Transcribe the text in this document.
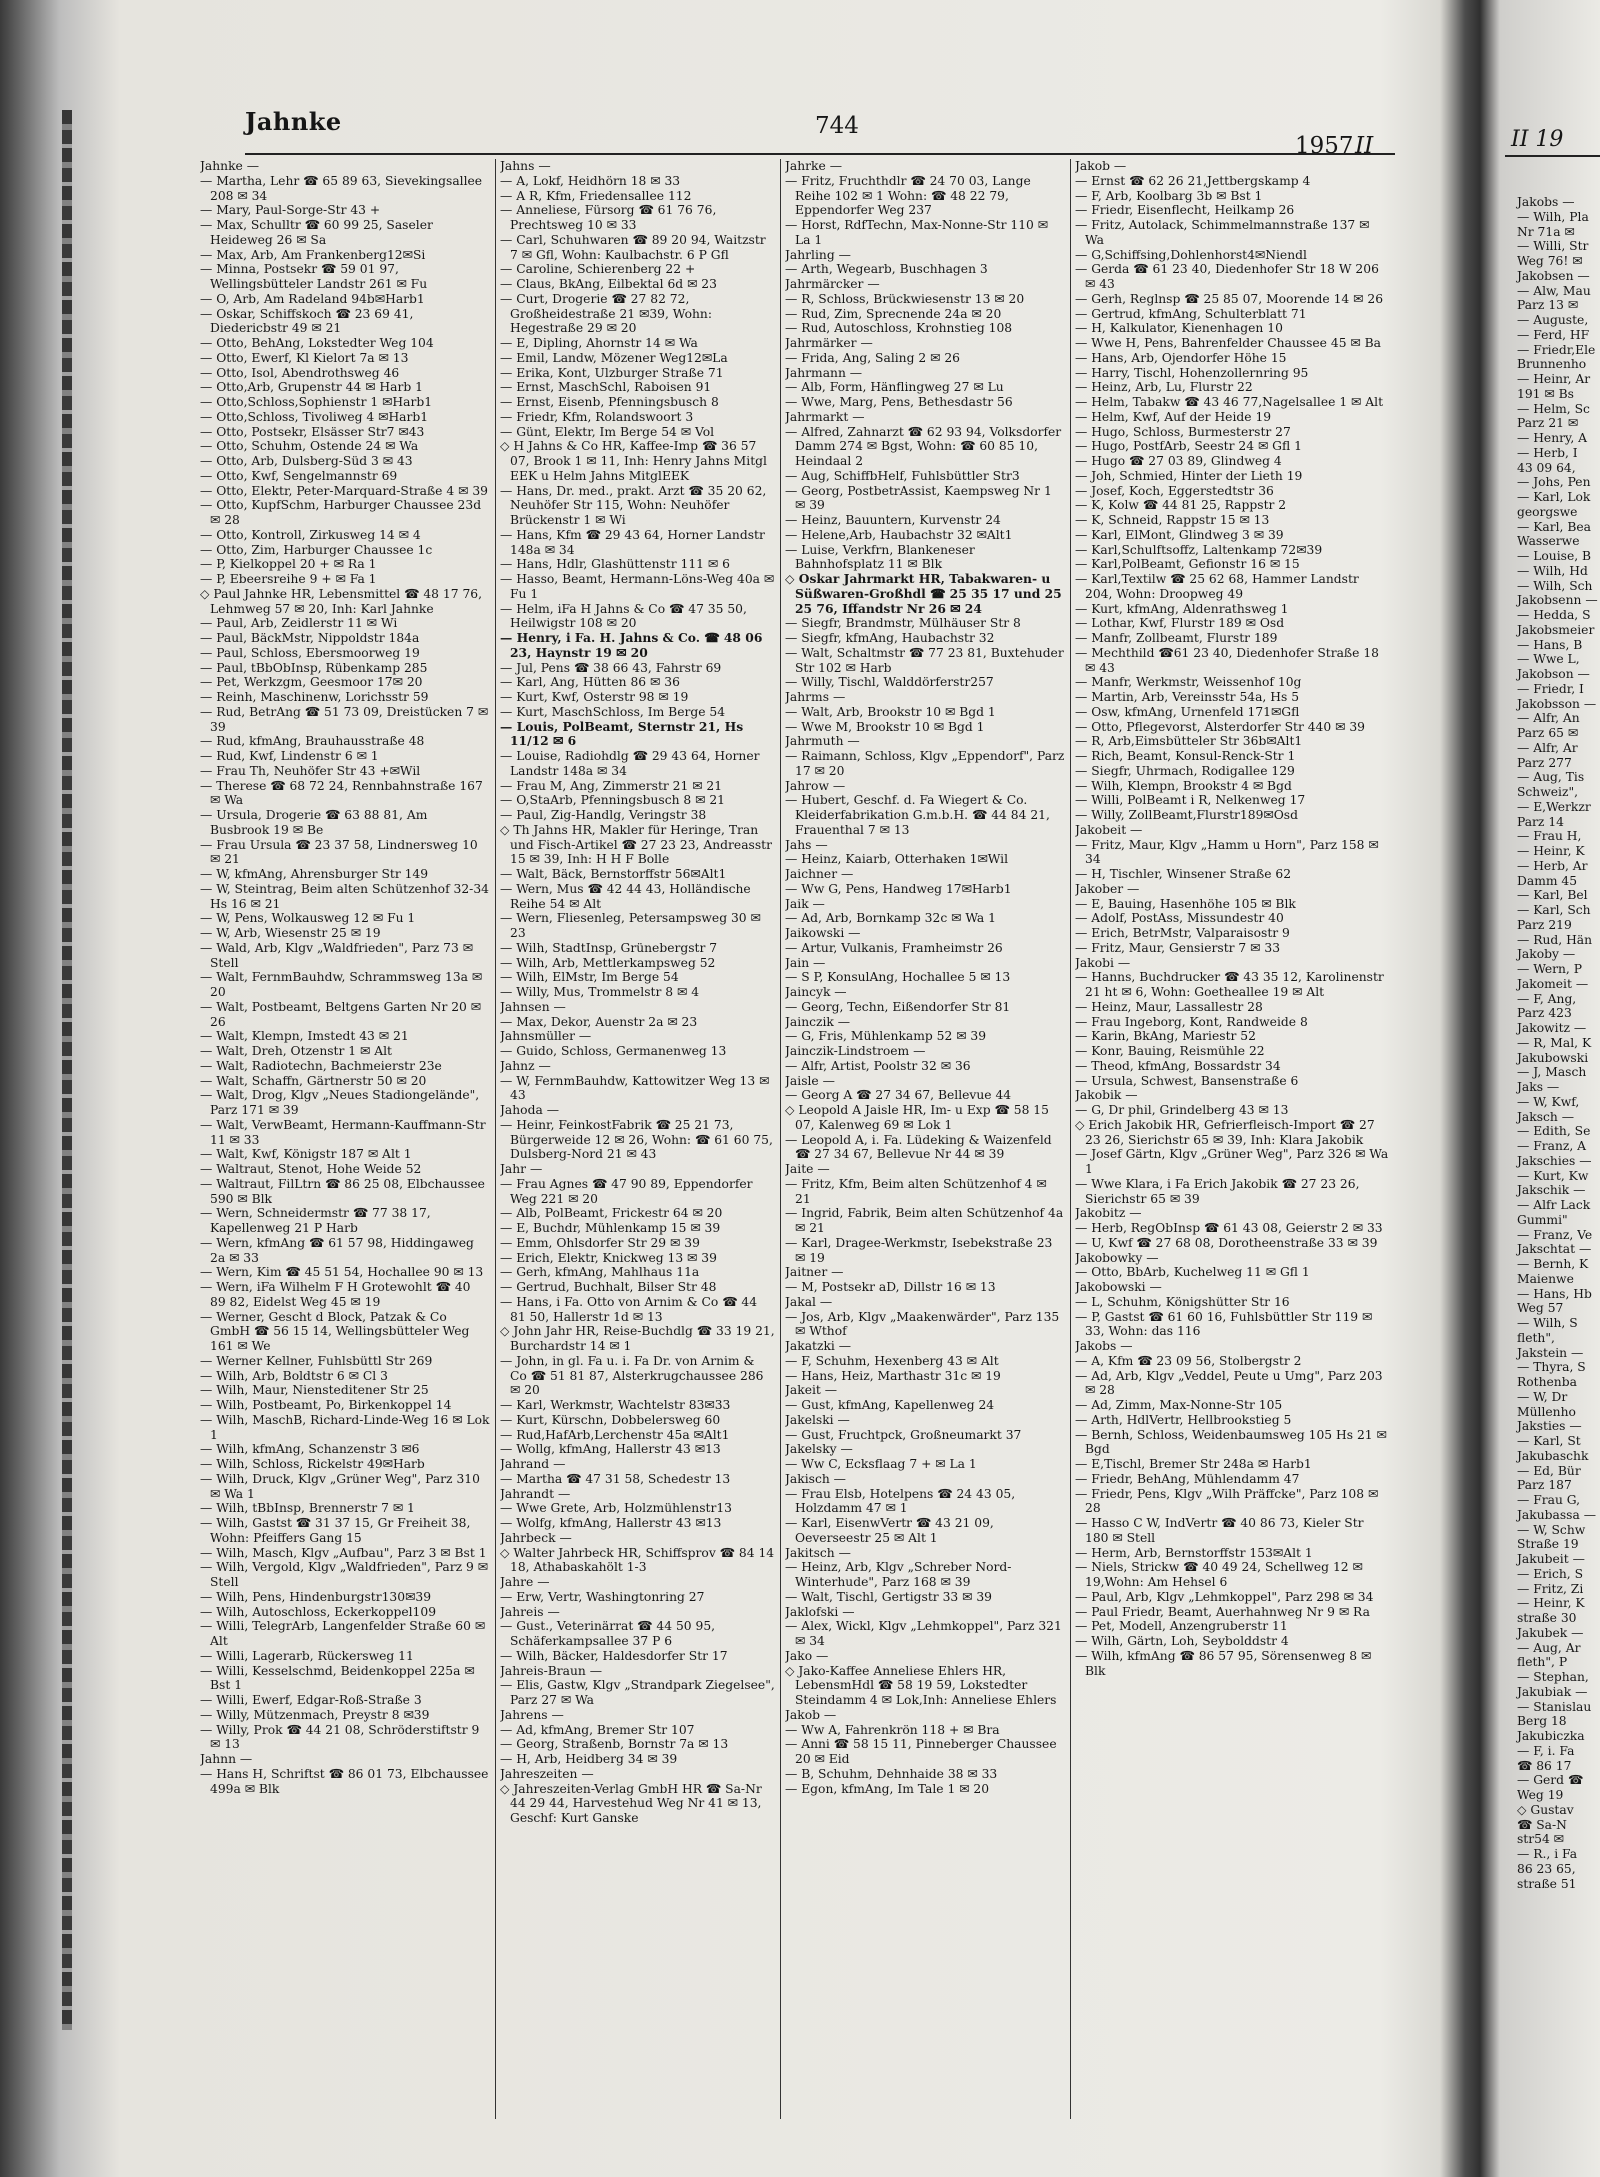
Jahnke	744
1957 II

Jahnke —

— Martha, Lehr ☎ 65 89 63, Sievekingsallee 208 ✉ 34

— Mary, Paul-Sorge-Str 43 +

— Max, Schulltr ☎ 60 99 25, Saseler Heideweg 26 ✉ Sa

— Max, Arb, Am Frankenberg12✉Si

— Minna, Postsekr ☎ 59 01 97, Wellingsbütteler Landstr 261 ✉ Fu

— O, Arb, Am Radeland 94b✉Harb1

— Oskar, Schiffskoch ☎ 23 69 41, Diedericbstr 49 ✉ 21

— Otto, BehAng, Lokstedter Weg 104

— Otto, Ewerf, Kl Kielort 7a ✉ 13

— Otto, Isol, Abendrothsweg 46

— Otto,Arb, Grupenstr 44 ✉ Harb 1

— Otto,Schloss,Sophienstr 1 ✉Harb1

— Otto,Schloss, Tivoliweg 4 ✉Harb1

— Otto, Postsekr, Elsässer Str7 ✉43

— Otto, Schuhm, Ostende 24 ✉ Wa

— Otto, Arb, Dulsberg-Süd 3 ✉ 43

— Otto, Kwf, Sengelmannstr 69

— Otto, Elektr, Peter-Marquard-Straße 4 ✉ 39

— Otto, KupfSchm, Harburger Chaussee 23d ✉ 28

— Otto, Kontroll, Zirkusweg 14 ✉ 4

— Otto, Zim, Harburger Chaussee 1c

— P, Kielkoppel 20 + ✉ Ra 1

— P, Ebeersreihe 9 + ✉ Fa 1

◇ Paul Jahnke HR, Lebensmittel ☎ 48 17 76, Lehmweg 57 ✉ 20, Inh: Karl Jahnke

— Paul, Arb, Zeidlerstr 11 ✉ Wi

— Paul, BäckMstr, Nippoldstr 184a

— Paul, Schloss, Ebersmoorweg 19

— Paul, tBbObInsp, Rübenkamp 285

— Pet, Werkzgm, Geesmoor 17✉ 20

— Reinh, Maschinenw, Lorichsstr 59

— Rud, BetrAng ☎ 51 73 09, Dreistücken 7 ✉ 39

— Rud, kfmAng, Brauhausstraße 48

— Rud, Kwf, Lindenstr 6 ✉ 1

— Frau Th, Neuhöfer Str 43 +✉Wil

— Therese ☎ 68 72 24, Rennbahnstraße 167 ✉ Wa

— Ursula, Drogerie ☎ 63 88 81, Am Busbrook 19 ✉ Be

— Frau Ursula ☎ 23 37 58, Lindnersweg 10 ✉ 21

— W, kfmAng, Ahrensburger Str 149

— W, Steintrag, Beim alten Schützenhof 32-34 Hs 16 ✉ 21

— W, Pens, Wolkausweg 12 ✉ Fu 1

— W, Arb, Wiesenstr 25 ✉ 19

— Wald, Arb, Klgv „Waldfrieden", Parz 73 ✉ Stell

— Walt, FernmBauhdw, Schrammsweg 13a ✉ 20

— Walt, Postbeamt, Beltgens Garten Nr 20 ✉ 26

— Walt, Klempn, Imstedt 43 ✉ 21

— Walt, Dreh, Otzenstr 1 ✉ Alt

— Walt, Radiotechn, Bachmeierstr 23e

— Walt, Schaffn, Gärtnerstr 50 ✉ 20

— Walt, Drog, Klgv „Neues Stadiongelände", Parz 171 ✉ 39

— Walt, VerwBeamt, Hermann-Kauffmann-Str 11 ✉ 33

— Walt, Kwf, Königstr 187 ✉ Alt 1

— Waltraut, Stenot, Hohe Weide 52

— Waltraut, FilLtrn ☎ 86 25 08, Elbchaussee 590 ✉ Blk

— Wern, Schneidermstr ☎ 77 38 17, Kapellenweg 21 P Harb

— Wern, kfmAng ☎ 61 57 98, Hiddingaweg 2a ✉ 33

— Wern, Kim ☎ 45 51 54, Hochallee 90 ✉ 13

— Wern, iFa Wilhelm F H Grotewohlt ☎ 40 89 82, Eidelst Weg 45 ✉ 19

— Werner, Gescht d Block, Patzak & Co GmbH ☎ 56 15 14, Wellingsbütteler Weg 161 ✉ We

— Werner Kellner, Fuhlsbüttl Str 269

— Wilh, Arb, Boldtstr 6 ✉ Cl 3

— Wilh, Maur, Niensteditener Str 25

— Wilh, Postbeamt, Po, Birkenkoppel 14

— Wilh, MaschB, Richard-Linde-Weg 16 ✉ Lok 1

— Wilh, kfmAng, Schanzenstr 3 ✉6

— Wilh, Schloss, Rickelstr 49✉Harb

— Wilh, Druck, Klgv „Grüner Weg", Parz 310 ✉ Wa 1

— Wilh, tBbInsp, Brennerstr 7 ✉ 1

— Wilh, Gastst ☎ 31 37 15, Gr Freiheit 38, Wohn: Pfeiffers Gang 15

— Wilh, Masch, Klgv „Aufbau", Parz 3 ✉ Bst 1

— Wilh, Vergold, Klgv „Waldfrieden", Parz 9 ✉ Stell

— Wilh, Pens, Hindenburgstr130✉39

— Wilh, Autoschloss, Eckerkoppel109

— Willi, TelegrArb, Langenfelder Straße 60 ✉ Alt

— Willi, Lagerarb, Rückersweg 11

— Willi, Kesselschmd, Beidenkoppel 225a ✉ Bst 1

— Willi, Ewerf, Edgar-Roß-Straße 3

— Willy, Mützenmach, Preystr 8 ✉39

— Willy, Prok ☎ 44 21 08, Schröderstiftstr 9 ✉ 13

Jahnn —

— Hans H, Schriftst ☎ 86 01 73, Elbchaussee 499a ✉ Blk

Jahns —

— A, Lokf, Heidhörn 18 ✉ 33

— A R, Kfm, Friedensallee 112

— Anneliese, Fürsorg ☎ 61 76 76, Prechtsweg 10 ✉ 33

— Carl, Schuhwaren ☎ 89 20 94, Waitzstr 7 ✉ Gfl, Wohn: Kaulbachstr. 6 P Gfl

— Caroline, Schierenberg 22 +

— Claus, BkAng, Eilbektal 6d ✉ 23

— Curt, Drogerie ☎ 27 82 72, Großheidestraße 21 ✉39, Wohn: Hegestraße 29 ✉ 20

— E, Dipling, Ahornstr 14 ✉ Wa

— Emil, Landw, Mözener Weg12✉La

— Erika, Kont, Ulzburger Straße 71

— Ernst, MaschSchl, Raboisen 91

— Ernst, Eisenb, Pfenningsbusch 8

— Friedr, Kfm, Rolandswoort 3

— Günt, Elektr, Im Berge 54 ✉ Vol

◇ H Jahns & Co HR, Kaffee-Imp ☎ 36 57 07, Brook 1 ✉ 11, Inh: Henry Jahns Mitgl EEK u Helm Jahns MitglEEK

— Hans, Dr. med., prakt. Arzt ☎ 35 20 62, Neuhöfer Str 115, Wohn: Neuhöfer Brückenstr 1 ✉ Wi

— Hans, Kfm ☎ 29 43 64, Horner Landstr 148a ✉ 34

— Hans, Hdlr, Glashüttenstr 111 ✉ 6

— Hasso, Beamt, Hermann-Löns-Weg 40a ✉ Fu 1

— Helm, iFa H Jahns & Co ☎ 47 35 50, Heilwigstr 108 ✉ 20

— Henry, i Fa. H. Jahns & Co. ☎ 48 06 23, Haynstr 19 ✉ 20

— Jul, Pens ☎ 38 66 43, Fahrstr 69

— Karl, Ang, Hütten 86 ✉ 36

— Kurt, Kwf, Osterstr 98 ✉ 19

— Kurt, MaschSchloss, Im Berge 54

— Louis, PolBeamt, Sternstr 21, Hs 11/12 ✉ 6

— Louise, Radiohdlg ☎ 29 43 64, Horner Landstr 148a ✉ 34

— Frau M, Ang, Zimmerstr 21 ✉ 21

— O,StaArb, Pfenningsbusch 8 ✉ 21

— Paul, Zig-Handlg, Veringstr 38

◇ Th Jahns HR, Makler für Heringe, Tran und Fisch-Artikel ☎ 27 23 23, Andreasstr 15 ✉ 39, Inh: H H F Bolle

— Walt, Bäck, Bernstorffstr 56✉Alt1

— Wern, Mus ☎ 42 44 43, Holländische Reihe 54 ✉ Alt

— Wern, Fliesenleg, Petersampsweg 30 ✉ 23

— Wilh, StadtInsp, Grünebergstr 7

— Wilh, Arb, Mettlerkampsweg 52

— Wilh, ElMstr, Im Berge 54

— Willy, Mus, Trommelstr 8 ✉ 4

Jahnsen —

— Max, Dekor, Auenstr 2a ✉ 23

Jahnsmüller —

— Guido, Schloss, Germanenweg 13

Jahnz —

— W, FernmBauhdw, Kattowitzer Weg 13 ✉ 43

Jahoda —

— Heinr, FeinkostFabrik ☎ 25 21 73, Bürgerweide 12 ✉ 26, Wohn: ☎ 61 60 75, Dulsberg-Nord 21 ✉ 43

Jahr —

— Frau Agnes ☎ 47 90 89, Eppendorfer Weg 221 ✉ 20

— Alb, PolBeamt, Frickestr 64 ✉ 20

— E, Buchdr, Mühlenkamp 15 ✉ 39

— Emm, Ohlsdorfer Str 29 ✉ 39

— Erich, Elektr, Knickweg 13 ✉ 39

— Gerh, kfmAng, Mahlhaus 11a

— Gertrud, Buchhalt, Bilser Str 48

— Hans, i Fa. Otto von Arnim & Co ☎ 44 81 50, Hallerstr 1d ✉ 13

◇ John Jahr HR, Reise-Buchdlg ☎ 33 19 21, Burchardstr 14 ✉ 1

— John, in gl. Fa u. i. Fa Dr. von Arnim & Co ☎ 51 81 87, Alsterkrugchaussee 286 ✉ 20

— Karl, Werkmstr, Wachtelstr 83✉33

— Kurt, Kürschn, Dobbelersweg 60

— Rud,HafArb,Lerchenstr 45a ✉Alt1

— Wollg, kfmAng, Hallerstr 43 ✉13

Jahrand —

— Martha ☎ 47 31 58, Schedestr 13

Jahrandt —

— Wwe Grete, Arb, Holzmühlenstr13

— Wolfg, kfmAng, Hallerstr 43 ✉13

Jahrbeck —

◇ Walter Jahrbeck HR, Schiffsprov ☎ 84 14 18, Athabaskahölt 1-3

Jahre —

— Erw, Vertr, Washingtonring 27

Jahreis —

— Gust., Veterinärrat ☎ 44 50 95, Schäferkampsallee 37 P 6

— Wilh, Bäcker, Haldesdorfer Str 17

Jahreis-Braun —

— Elis, Gastw, Klgv „Strandpark Ziegelsee", Parz 27 ✉ Wa

Jahrens —

— Ad, kfmAng, Bremer Str 107

— Georg, Straßenb, Bornstr 7a ✉ 13

— H, Arb, Heidberg 34 ✉ 39

Jahreszeiten —

◇ Jahreszeiten-Verlag GmbH HR ☎ Sa-Nr 44 29 44, Harvestehud Weg Nr 41 ✉ 13, Geschf: Kurt Ganske

Jahrke —

— Fritz, Fruchthdlr ☎ 24 70 03, Lange Reihe 102 ✉ 1 Wohn: ☎ 48 22 79, Eppendorfer Weg 237

— Horst, RdfTechn, Max-Nonne-Str 110 ✉ La 1

Jahrling —

— Arth, Wegearb, Buschhagen 3

Jahrmärcker —

— R, Schloss, Brückwiesenstr 13 ✉ 20

— Rud, Zim, Sprecnende 24a ✉ 20

— Rud, Autoschloss, Krohnstieg 108

Jahrmärker —

— Frida, Ang, Saling 2 ✉ 26

Jahrmann —

— Alb, Form, Hänflingweg 27 ✉ Lu

— Wwe, Marg, Pens, Bethesdastr 56

Jahrmarkt —

— Alfred, Zahnarzt ☎ 62 93 94, Volksdorfer Damm 274 ✉ Bgst, Wohn: ☎ 60 85 10, Heindaal 2

— Aug, SchiffbHelf, Fuhlsbüttler Str3

— Georg, PostbetrAssist, Kaempsweg Nr 1 ✉ 39

— Heinz, Bauuntern, Kurvenstr 24

— Helene,Arb, Haubachstr 32 ✉Alt1

— Luise, Verkfrn, Blankeneser Bahnhofsplatz 11 ✉ Blk

◇ Oskar Jahrmarkt HR, Tabakwaren- u Süßwaren-Großhdl ☎ 25 35 17 und 25 25 76, Iffandstr Nr 26 ✉ 24

— Siegfr, Brandmstr, Mülhäuser Str 8

— Siegfr, kfmAng, Haubachstr 32

— Walt, Schaltmstr ☎ 77 23 81, Buxtehuder Str 102 ✉ Harb

— Willy, Tischl, Walddörferstr257

Jahrms —

— Walt, Arb, Brookstr 10 ✉ Bgd 1

— Wwe M, Brookstr 10 ✉ Bgd 1

Jahrmuth —

— Raimann, Schloss, Klgv „Eppendorf", Parz 17 ✉ 20

Jahrow —

— Hubert, Geschf. d. Fa Wiegert & Co. Kleiderfabrikation G.m.b.H. ☎ 44 84 21, Frauenthal 7 ✉ 13

Jahs —

— Heinz, Kaiarb, Otterhaken 1✉Wil

Jaichner —

— Ww G, Pens, Handweg 17✉Harb1

Jaik —

— Ad, Arb, Bornkamp 32c ✉ Wa 1

Jaikowski —

— Artur, Vulkanis, Framheimstr 26

Jain —

— S P, KonsulAng, Hochallee 5 ✉ 13

Jaincyk —

— Georg, Techn, Eißendorfer Str 81

Jainczik —

— G, Fris, Mühlenkamp 52 ✉ 39

Jainczik-Lindstroem —

— Alfr, Artist, Poolstr 32 ✉ 36

Jaisle —

— Georg A ☎ 27 34 67, Bellevue 44

◇ Leopold A Jaisle HR, Im- u Exp ☎ 58 15 07, Kalenweg 69 ✉ Lok 1

— Leopold A, i. Fa. Lüdeking & Waizenfeld ☎ 27 34 67, Bellevue Nr 44 ✉ 39

Jaite —

— Fritz, Kfm, Beim alten Schützenhof 4 ✉ 21

— Ingrid, Fabrik, Beim alten Schützenhof 4a ✉ 21

— Karl, Dragee-Werkmstr, Isebekstraße 23 ✉ 19

Jaitner —

— M, Postsekr aD, Dillstr 16 ✉ 13

Jakal —

— Jos, Arb, Klgv „Maakenwärder", Parz 135 ✉ Wthof

Jakatzki —

— F, Schuhm, Hexenberg 43 ✉ Alt

— Hans, Heiz, Marthastr 31c ✉ 19

Jakeit —

— Gust, kfmAng, Kapellenweg 24

Jakelski —

— Gust, Fruchtpck, Großneumarkt 37

Jakelsky —

— Ww C, Ecksflaag 7 + ✉ La 1

Jakisch —

— Frau Elsb, Hotelpens ☎ 24 43 05, Holzdamm 47 ✉ 1

— Karl, EisenwVertr ☎ 43 21 09, Oeverseestr 25 ✉ Alt 1

Jakitsch —

— Heinz, Arb, Klgv „Schreber Nord-Winterhude", Parz 168 ✉ 39

— Walt, Tischl, Gertigstr 33 ✉ 39

Jaklofski —

— Alex, Wickl, Klgv „Lehmkoppel", Parz 321 ✉ 34

Jako —

◇ Jako-Kaffee Anneliese Ehlers HR, LebensmHdl ☎ 58 19 59, Lokstedter Steindamm 4 ✉ Lok,Inh: Anneliese Ehlers

Jakob —

— Ww A, Fahrenkrön 118 + ✉ Bra

— Anni ☎ 58 15 11, Pinneberger Chaussee 20 ✉ Eid

— B, Schuhm, Dehnhaide 38 ✉ 33

— Egon, kfmAng, Im Tale 1 ✉ 20

Jakob —

— Ernst ☎ 62 26 21,Jettbergskamp 4

— F, Arb, Koolbarg 3b ✉ Bst 1

— Friedr, Eisenflecht, Heilkamp 26

— Fritz, Autolack, Schimmelmannstraße 137 ✉ Wa

— G,Schiffsing,Dohlenhorst4✉Niendl

— Gerda ☎ 61 23 40, Diedenhofer Str 18 W 206 ✉ 43

— Gerh, Reglnsp ☎ 25 85 07, Moorende 14 ✉ 26

— Gertrud, kfmAng, Schulterblatt 71

— H, Kalkulator, Kienenhagen 10

— Wwe H, Pens, Bahrenfelder Chaussee 45 ✉ Ba

— Hans, Arb, Ojendorfer Höhe 15

— Harry, Tischl, Hohenzollernring 95

— Heinz, Arb, Lu, Flurstr 22

— Helm, Tabakw ☎ 43 46 77,Nagelsallee 1 ✉ Alt

— Helm, Kwf, Auf der Heide 19

— Hugo, Schloss, Burmesterstr 27

— Hugo, PostfArb, Seestr 24 ✉ Gfl 1

— Hugo ☎ 27 03 89, Glindweg 4

— Joh, Schmied, Hinter der Lieth 19

— Josef, Koch, Eggerstedtstr 36

— K, Kolw ☎ 44 81 25, Rappstr 2

— K, Schneid, Rappstr 15 ✉ 13

— Karl, ElMont, Glindweg 3 ✉ 39

— Karl,Schulftsoffz, Laltenkamp 72✉39

— Karl,PolBeamt, Gefionstr 16 ✉ 15

— Karl,Textilw ☎ 25 62 68, Hammer Landstr 204, Wohn: Droopweg 49

— Kurt, kfmAng, Aldenrathsweg 1

— Lothar, Kwf, Flurstr 189 ✉ Osd

— Manfr, Zollbeamt, Flurstr 189

— Mechthild ☎61 23 40, Diedenhofer Straße 18 ✉ 43

— Manfr, Werkmstr, Weissenhof 10g

— Martin, Arb, Vereinsstr 54a, Hs 5

— Osw, kfmAng, Urnenfeld 171✉Gfl

— Otto, Pflegevorst, Alsterdorfer Str 440 ✉ 39

— R, Arb,Eimsbütteler Str 36b✉Alt1

— Rich, Beamt, Konsul-Renck-Str 1

— Siegfr, Uhrmach, Rodigallee 129

— Wilh, Klempn, Brookstr 4 ✉ Bgd

— Willi, PolBeamt i R, Nelkenweg 17

— Willy, ZollBeamt,Flurstr189✉Osd

Jakobeit —

— Fritz, Maur, Klgv „Hamm u Horn", Parz 158 ✉ 34

— H, Tischler, Winsener Straße 62

Jakober —

— E, Bauing, Hasenhöhe 105 ✉ Blk

— Adolf, PostAss, Missundestr 40

— Erich, BetrMstr, Valparaisostr 9

— Fritz, Maur, Gensierstr 7 ✉ 33

Jakobi —

— Hanns, Buchdrucker ☎ 43 35 12, Karolinenstr 21 ht ✉ 6, Wohn: Goetheallee 19 ✉ Alt

— Heinz, Maur, Lassallestr 28

— Frau Ingeborg, Kont, Randweide 8

— Karin, BkAng, Mariestr 52

— Konr, Bauing, Reismühle 22

— Theod, kfmAng, Bossardstr 34

— Ursula, Schwest, Bansenstraße 6

Jakobik —

— G, Dr phil, Grindelberg 43 ✉ 13

◇ Erich Jakobik HR, Gefrierfleisch-Import ☎ 27 23 26, Sierichstr 65 ✉ 39, Inh: Klara Jakobik

— Josef Gärtn, Klgv „Grüner Weg", Parz 326 ✉ Wa 1

— Wwe Klara, i Fa Erich Jakobik ☎ 27 23 26, Sierichstr 65 ✉ 39

Jakobitz —

— Herb, RegObInsp ☎ 61 43 08, Geierstr 2 ✉ 33

— U, Kwf ☎ 27 68 08, Dorotheenstraße 33 ✉ 39

Jakobowky —

— Otto, BbArb, Kuchelweg 11 ✉ Gfl 1

Jakobowski —

— L, Schuhm, Königshütter Str 16

— P, Gastst ☎ 61 60 16, Fuhlsbüttler Str 119 ✉ 33, Wohn: das 116

Jakobs —

— A, Kfm ☎ 23 09 56, Stolbergstr 2

— Ad, Arb, Klgv „Veddel, Peute u Umg", Parz 203 ✉ 28

— Ad, Zimm, Max-Nonne-Str 105

— Arth, HdlVertr, Hellbrookstieg 5

— Bernh, Schloss, Weidenbaumsweg 105 Hs 21 ✉ Bgd

— E,Tischl, Bremer Str 248a ✉ Harb1

— Friedr, BehAng, Mühlendamm 47

— Friedr, Pens, Klgv „Wilh Präffcke", Parz 108 ✉ 28

— Hasso C W, IndVertr ☎ 40 86 73, Kieler Str 180 ✉ Stell

— Herm, Arb, Bernstorffstr 153✉Alt 1

— Niels, Strickw ☎ 40 49 24, Schellweg 12 ✉ 19,Wohn: Am Hehsel 6

— Paul, Arb, Klgv „Lehmkoppel", Parz 298 ✉ 34

— Paul Friedr, Beamt, Auerhahnweg Nr 9 ✉ Ra

— Pet, Modell, Anzengruberstr 11

— Wilh, Gärtn, Loh, Seybolddstr 4

— Wilh, kfmAng ☎ 86 57 95, Sörensenweg 8 ✉ Blk

II 19

Jakobs —

— Wilh, Pla

Nr 71a ✉

— Willi, Str

Weg 76! ✉

Jakobsen —

— Alw, Mau

Parz 13 ✉

— Auguste,

— Ferd, HF

— Friedr,Ele

Brunnenho

— Heinr, Ar

191 ✉ Bs

— Helm, Sc

Parz 21 ✉

— Henry, A

— Herb, I

43 09 64,

— Johs, Pen

— Karl, Lok

georgswe

— Karl, Bea

Wasserwe

— Louise, B

— Wilh, Hd

— Wilh, Sch

Jakobsenn —

— Hedda, S

Jakobsmeier

— Hans, B

— Wwe L,

Jakobson —

— Friedr, I

Jakobsson —

— Alfr, An

Parz 65 ✉

— Alfr, Ar

Parz 277

— Aug, Tis

Schweiz",

— E,Werkzr

Parz 14

— Frau H,

— Heinr, K

— Herb, Ar

Damm 45

— Karl, Bel

— Karl, Sch

Parz 219

— Rud, Hän

Jakoby —

— Wern, P

Jakomeit —

— F, Ang,

Parz 423

Jakowitz —

— R, Mal, K

Jakubowski

— J, Masch

Jaks —

— W, Kwf,

Jaksch —

— Edith, Se

— Franz, A

Jakschies —

— Kurt, Kw

Jakschik —

— Alfr Lack

Gummi"

— Franz, Ve

Jakschtat —

— Bernh, K

Maienwe

— Hans, Hb

Weg 57

— Wilh, S

fleth",

Jakstein —

— Thyra, S

Rothenba

— W, Dr

Müllenho

Jaksties —

— Karl, St

Jakubaschk

— Ed, Bür

Parz 187

— Frau G,

Jakubassa —

— W, Schw

Straße 19

Jakubeit —

— Erich, S

— Fritz, Zi

— Heinr, K

straße 30

Jakubek —

— Aug, Ar

fleth", P

— Stephan,

Jakubiak —

— Stanislau

Berg 18

Jakubiczka

— F, i. Fa

☎ 86 17

— Gerd ☎

Weg 19

◇ Gustav

☎ Sa-N

str54 ✉

— R., i Fa

86 23 65,

straße 51
